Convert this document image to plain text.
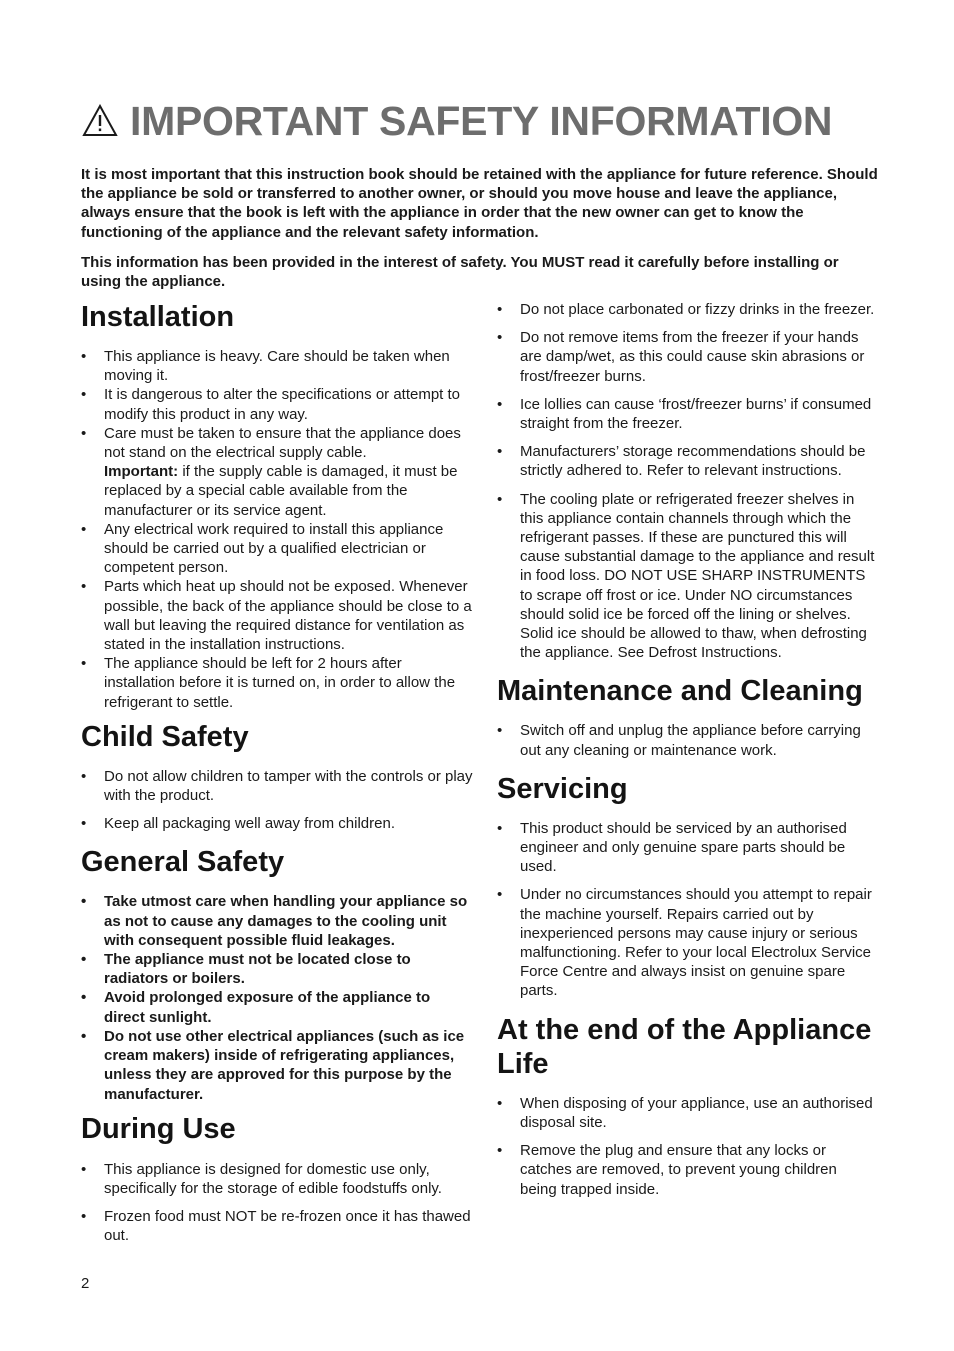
IMPORTANT SAFETY INFORMATION

It is most important that this instruction book should be retained with the appliance for future reference. Should the appliance be sold or transferred to another owner, or should you move house and leave the appliance, always ensure that the book is left with the appliance in order that the new owner can get to know the functioning of the appliance and the relevant safety information.

This information has been provided in the interest of safety. You MUST read it carefully before installing or using the appliance.

Installation
• This appliance is heavy. Care should be taken when moving it.
• It is dangerous to alter the specifications or attempt to modify this product in any way.
• Care must be taken to ensure that the appliance does not stand on the electrical supply cable.
Important: if the supply cable is damaged, it must be replaced by a special cable available from the manufacturer or its service agent.
• Any electrical work required to install this appliance should be carried out by a qualified electrician or competent person.
• Parts which heat up should not be exposed. Whenever possible, the back of the appliance should be close to a wall but leaving the required distance for ventilation as stated in the installation instructions.
• The appliance should be left for 2 hours after installation before it is turned on, in order to allow the refrigerant to settle.
Child Safety
• Do not allow children to tamper with the controls or play with the product.
• Keep all packaging well away from children.
General Safety
• Take utmost care when handling your appliance so as not to cause any damages to the cooling unit with consequent possible fluid leakages.
• The appliance must not be located close to radiators or boilers.
• Avoid prolonged exposure of the appliance to direct sunlight.
• Do not use other electrical appliances (such as ice cream makers) inside of refrigerating appliances, unless they are approved for this purpose by the manufacturer.
During Use
• This appliance is designed for domestic use only, specifically for the storage of edible foodstuffs only.
• Frozen food must NOT be re-frozen once it has thawed out.
• Do not place carbonated or fizzy drinks in the freezer.
• Do not remove items from the freezer if your hands are damp/wet, as this could cause skin abrasions or frost/freezer burns.
• Ice lollies can cause ‘frost/freezer burns’ if consumed straight from the freezer.
• Manufacturers’ storage recommendations should be strictly adhered to. Refer to relevant instructions.
• The cooling plate or refrigerated freezer shelves in this appliance contain channels through which the refrigerant passes. If these are punctured this will cause substantial damage to the appliance and result in food loss. DO NOT USE SHARP INSTRUMENTS to scrape off frost or ice. Under NO circumstances should solid ice be forced off the lining or shelves. Solid ice should be allowed to thaw, when defrosting the appliance. See Defrost Instructions.
Maintenance and Cleaning
• Switch off and unplug the appliance before carrying out any cleaning or maintenance work.
Servicing
• This product should be serviced by an authorised engineer and only genuine spare parts should be used.
• Under no circumstances should you attempt to repair the machine yourself. Repairs carried out by inexperienced persons may cause injury or serious malfunctioning. Refer to your local Electrolux Service Force Centre and always insist on genuine spare parts.
At the end of the Appliance Life
• When disposing of your appliance, use an authorised disposal site.
• Remove the plug and ensure that any locks or catches are removed, to prevent young children being trapped inside.
2
